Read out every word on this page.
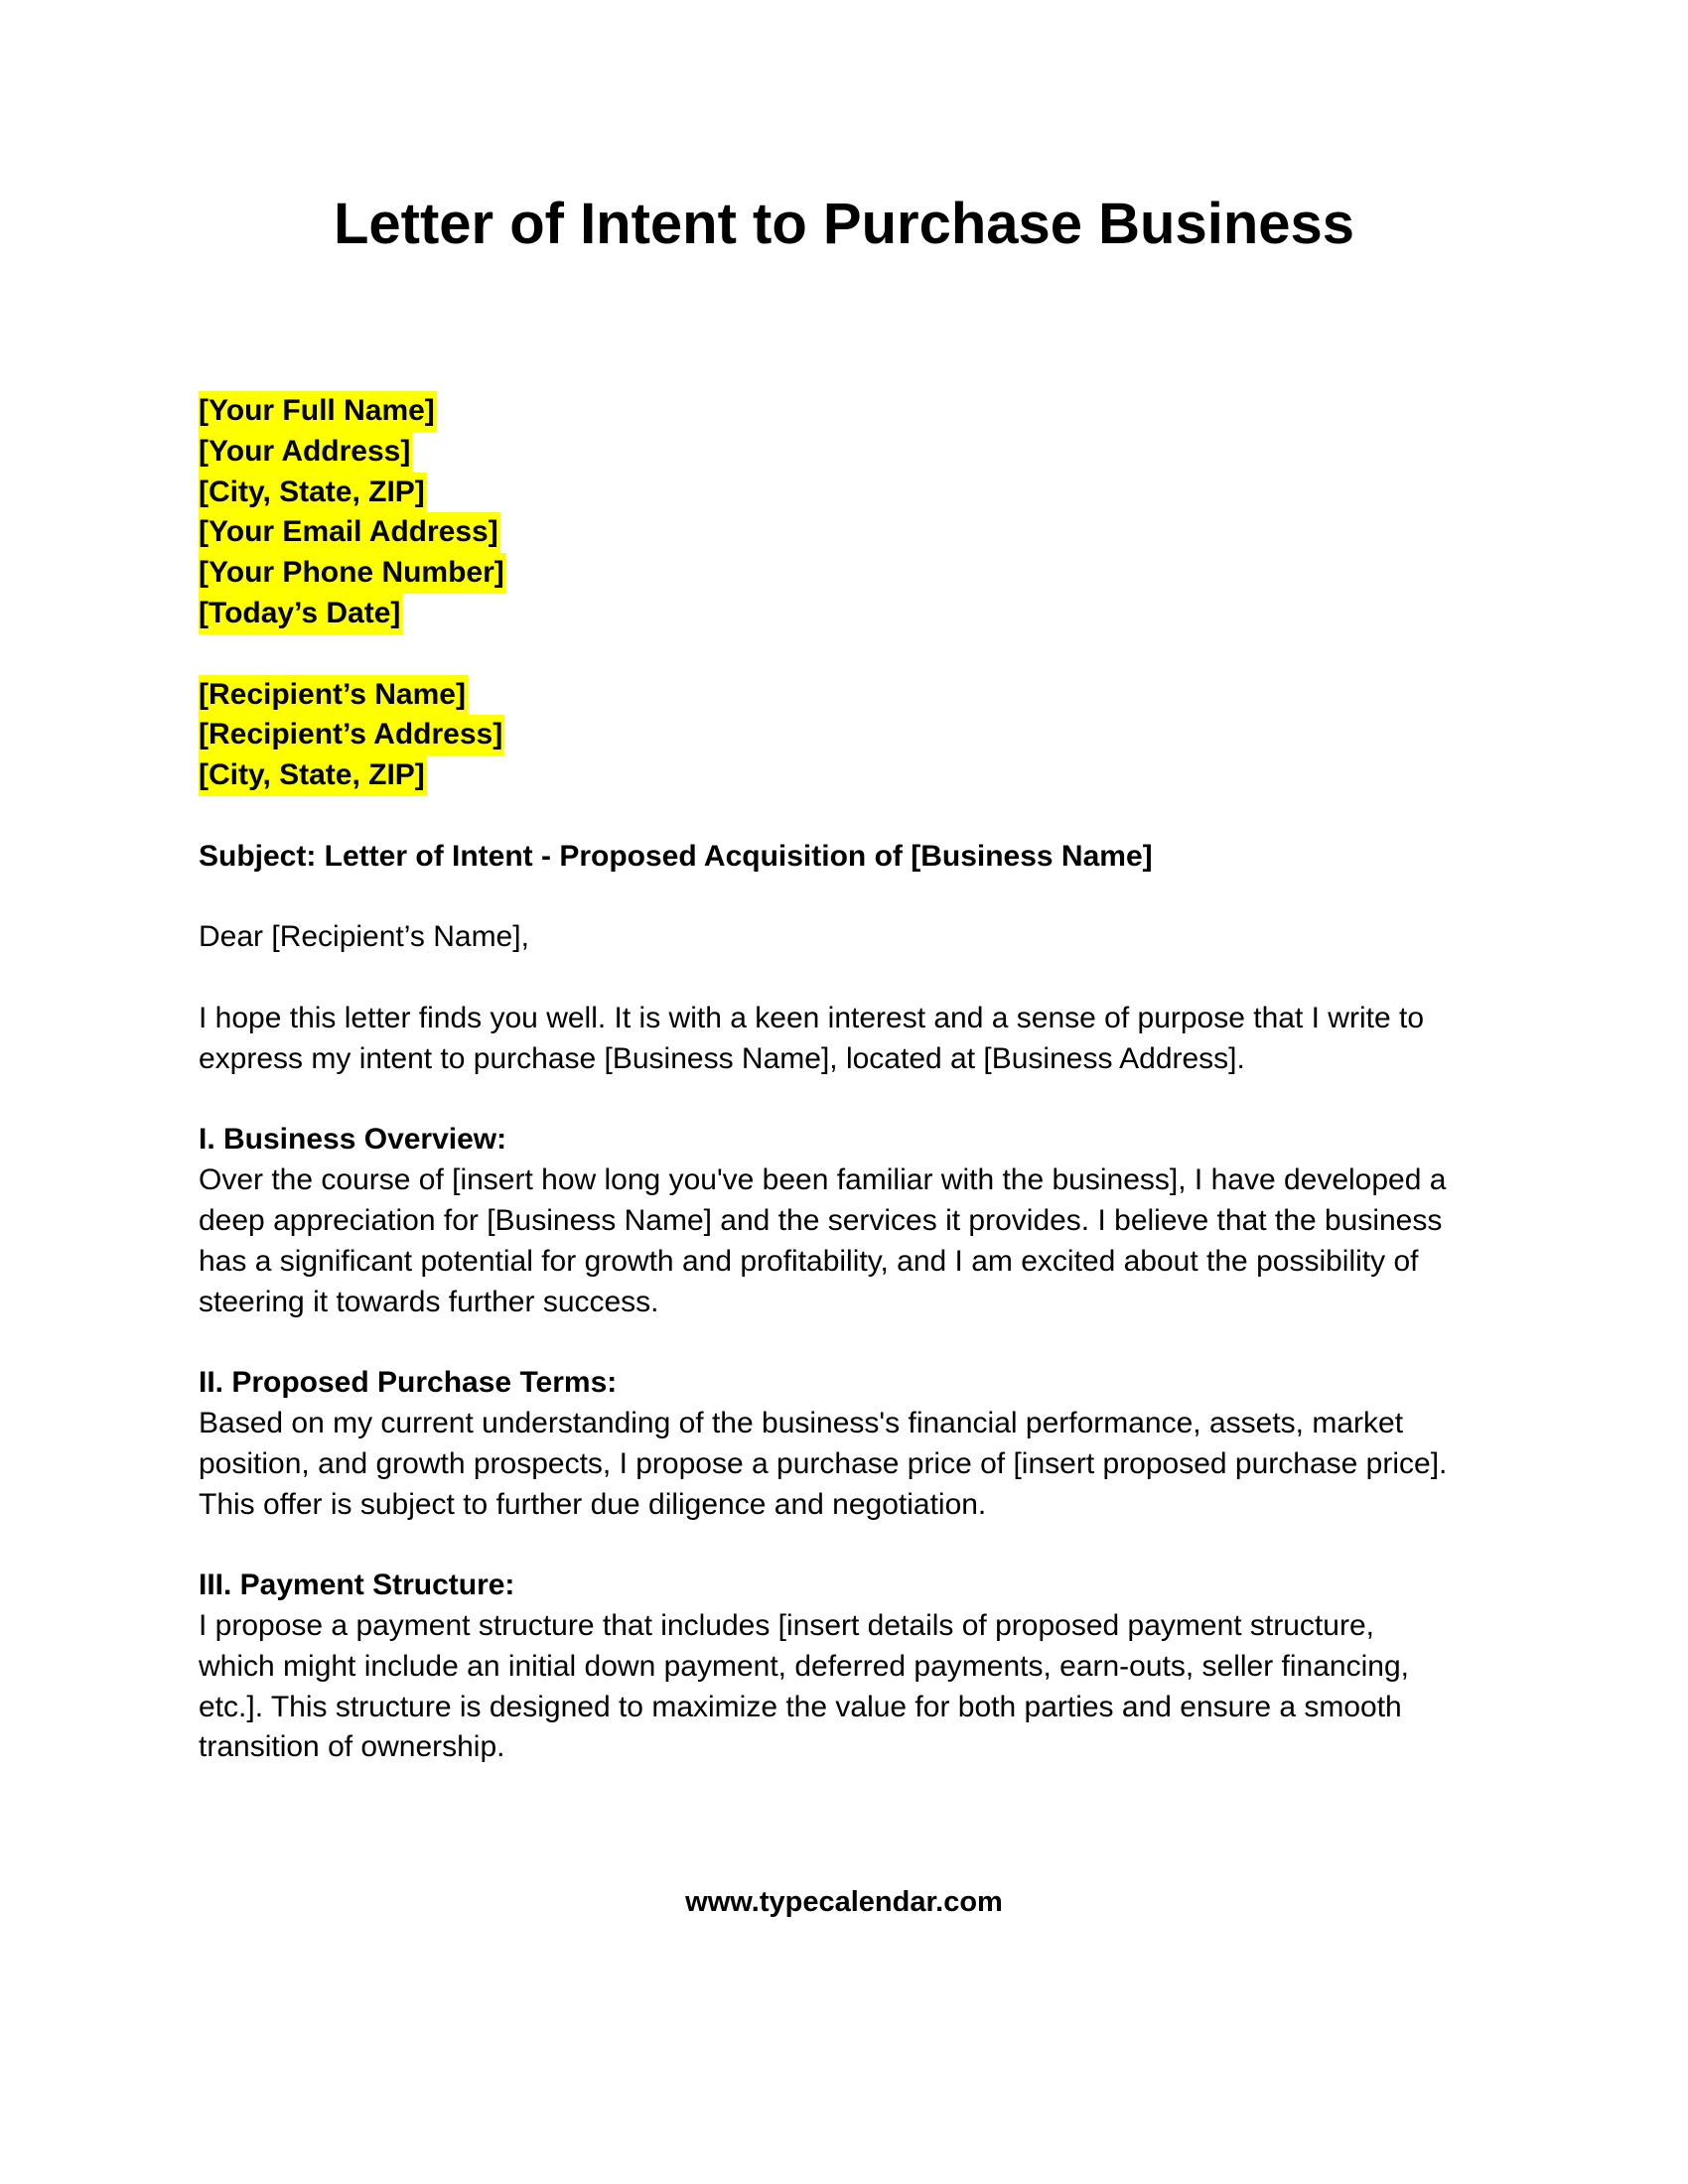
Letter of Intent to Purchase Business
[Your Full Name]
[Your Address]
[City, State, ZIP]
[Your Email Address]
[Your Phone Number]
[Today’s Date]
[Recipient’s Name]
[Recipient’s Address]
[City, State, ZIP]
Subject: Letter of Intent - Proposed Acquisition of [Business Name]
Dear [Recipient’s Name],
I hope this letter finds you well. It is with a keen interest and a sense of purpose that I write to
express my intent to purchase [Business Name], located at [Business Address].
I. Business Overview:
Over the course of [insert how long you've been familiar with the business], I have developed a
deep appreciation for [Business Name] and the services it provides. I believe that the business
has a significant potential for growth and profitability, and I am excited about the possibility of
steering it towards further success.
II. Proposed Purchase Terms:
Based on my current understanding of the business's financial performance, assets, market
position, and growth prospects, I propose a purchase price of [insert proposed purchase price].
This offer is subject to further due diligence and negotiation.
III. Payment Structure:
I propose a payment structure that includes [insert details of proposed payment structure,
which might include an initial down payment, deferred payments, earn-outs, seller financing,
etc.]. This structure is designed to maximize the value for both parties and ensure a smooth
transition of ownership.
www.typecalendar.com
